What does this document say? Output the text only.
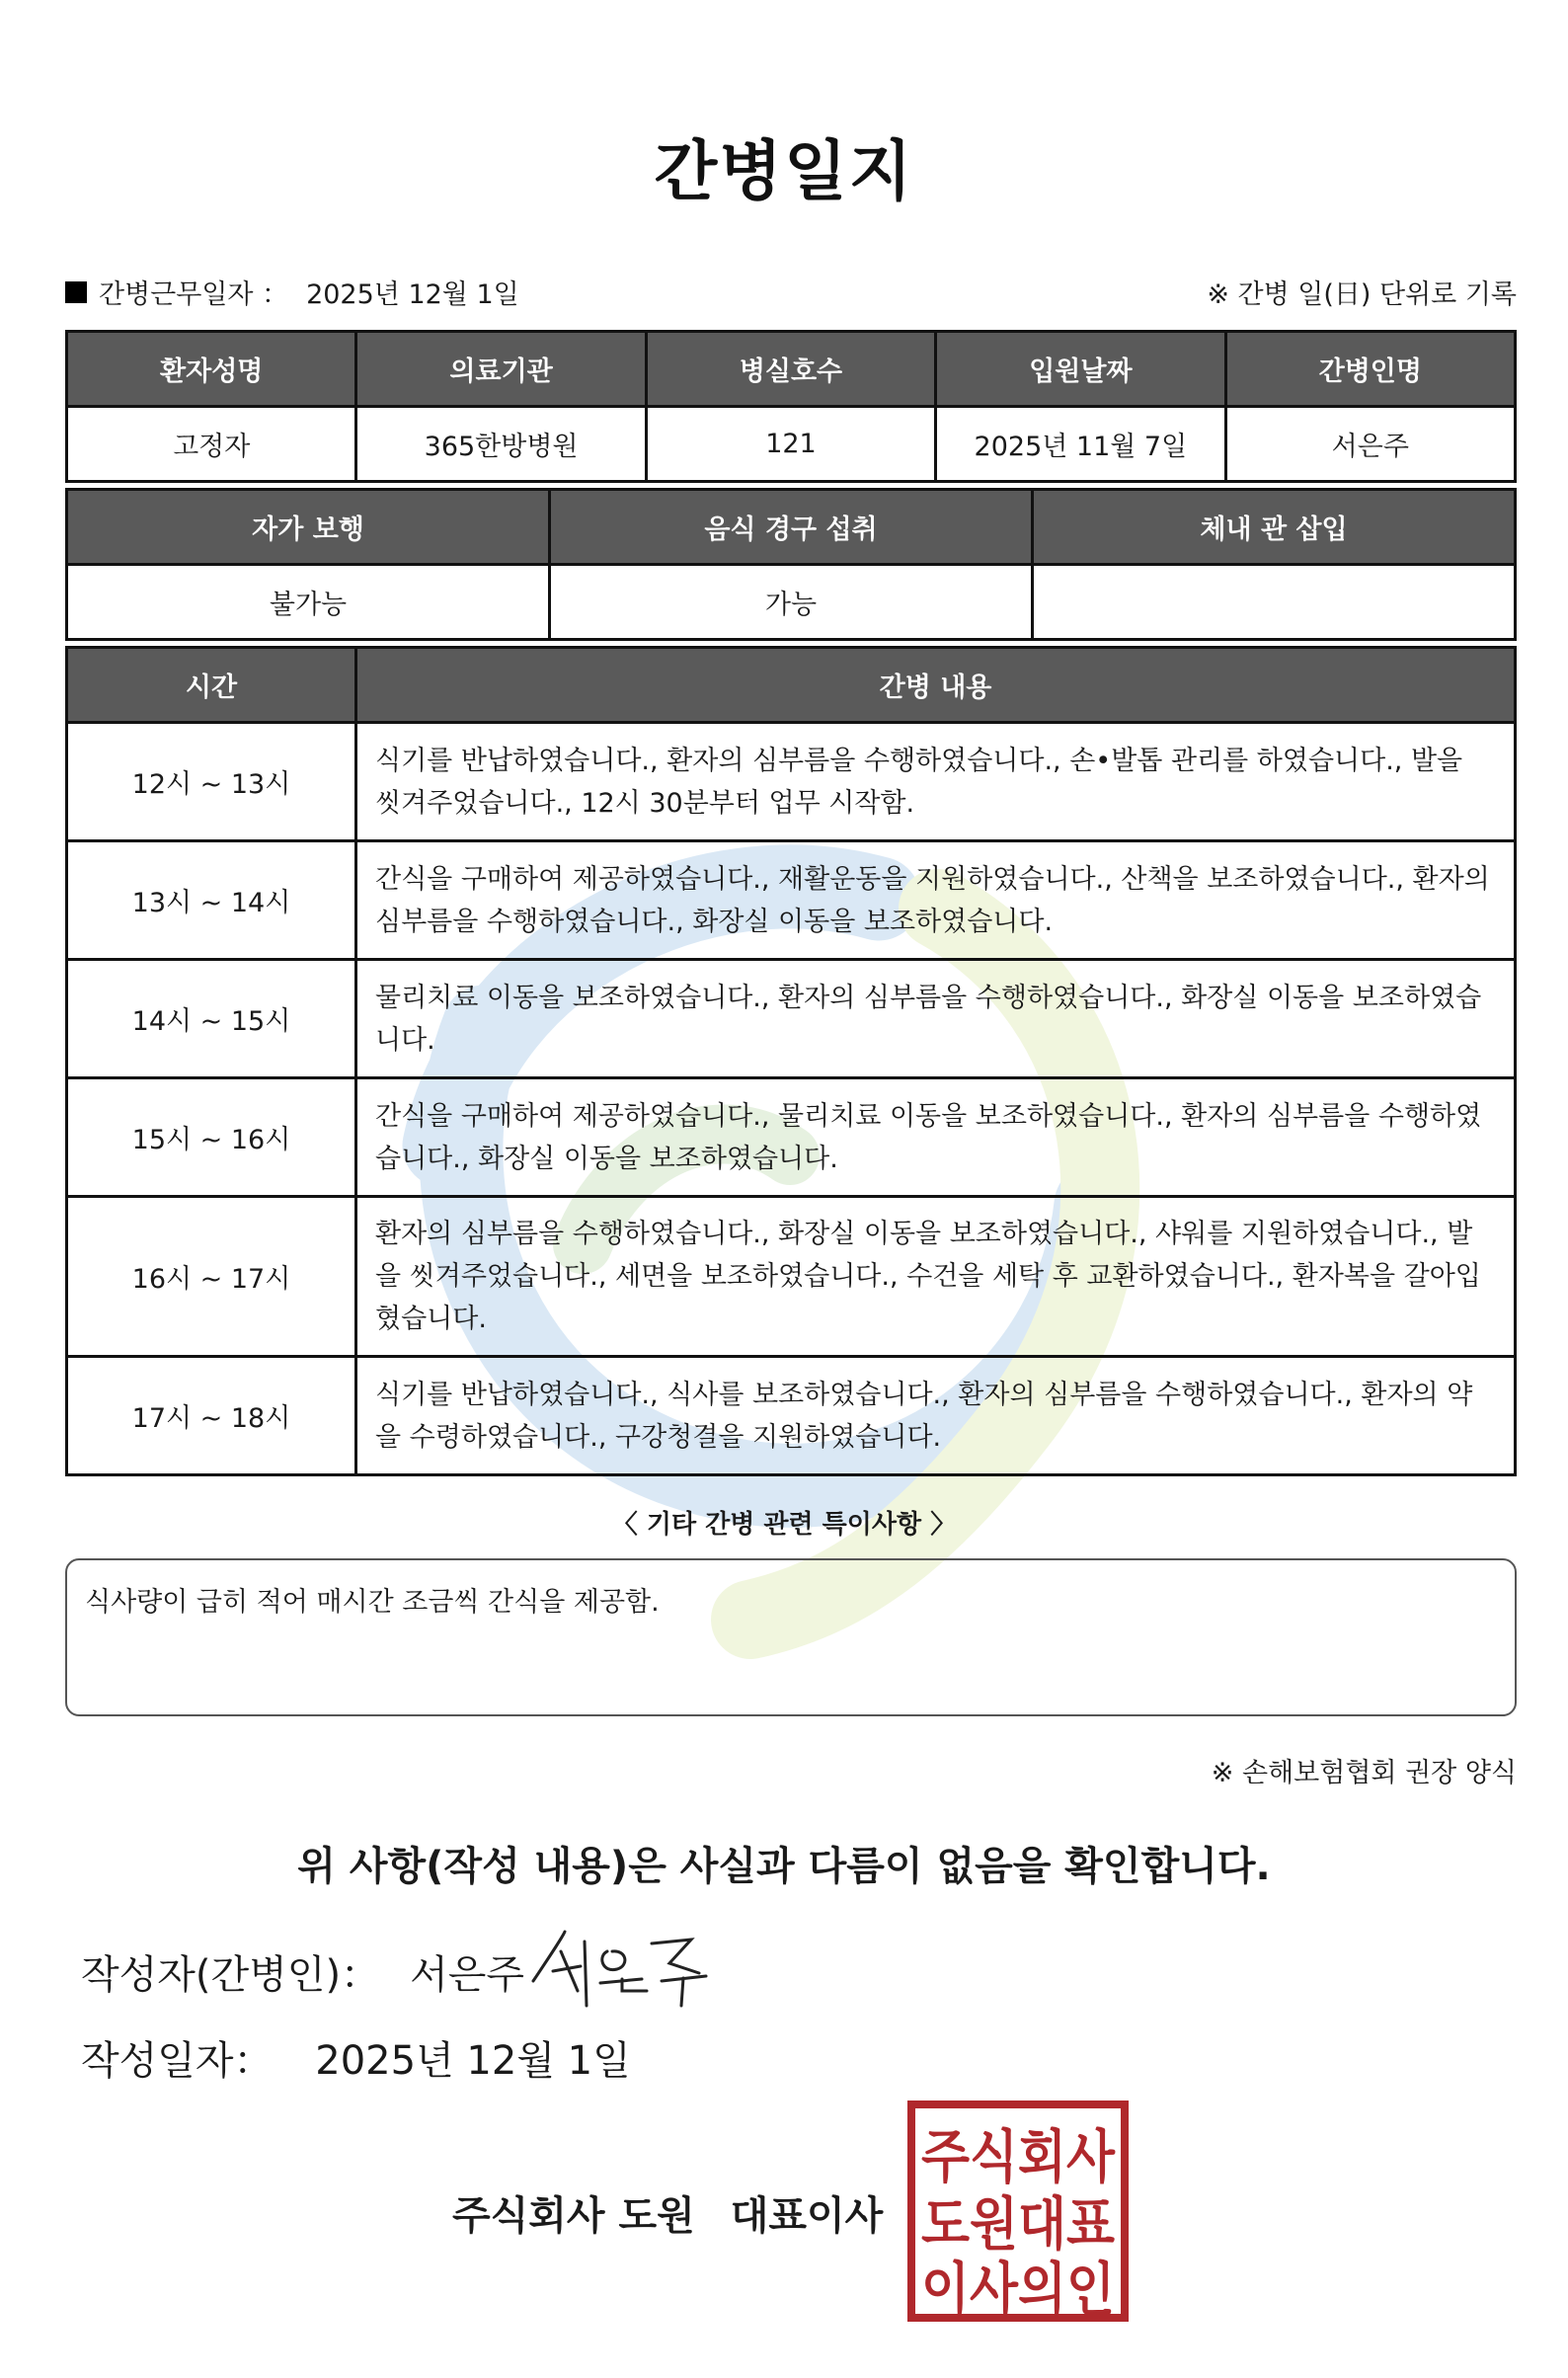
간병일지
간병근무일자 ： 2025년 12월 1일	※ 간병 일(日) 단위로 기록
환자성명	의료기관	병실호수	입원날짜	간병인명
고정자	365한방병원	121	2025년 11월 7일	서은주
자가 보행	음식 경구 섭취	체내 관 삽입
불가능	가능	
시간	간병 내용
12시 ~ 13시	식기를 반납하였습니다., 환자의 심부름을 수행하였습니다., 손•발톱 관리를 하였습니다., 발을 씻겨주었습니다., 12시 30분부터 업무 시작함.
13시 ~ 14시	간식을 구매하여 제공하였습니다., 재활운동을 지원하였습니다., 산책을 보조하였습니다., 환자의 심부름을 수행하였습니다., 화장실 이동을 보조하였습니다.
14시 ~ 15시	물리치료 이동을 보조하였습니다., 환자의 심부름을 수행하였습니다., 화장실 이동을 보조하였습니다.
15시 ~ 16시	간식을 구매하여 제공하였습니다., 물리치료 이동을 보조하였습니다., 환자의 심부름을 수행하였습니다., 화장실 이동을 보조하였습니다.
16시 ~ 17시	환자의 심부름을 수행하였습니다., 화장실 이동을 보조하였습니다., 샤워를 지원하였습니다., 발을 씻겨주었습니다., 세면을 보조하였습니다., 수건을 세탁 후 교환하였습니다., 환자복을 갈아입혔습니다.
17시 ~ 18시	식기를 반납하였습니다., 식사를 보조하였습니다., 환자의 심부름을 수행하였습니다., 환자의 약을 수령하였습니다., 구강청결을 지원하였습니다.
〈 기타 간병 관련 특이사항 〉
식사량이 급히 적어 매시간 조금씩 간식을 제공함.
※ 손해보험협회 권장 양식
위 사항(작성 내용)은 사실과 다름이 없음을 확인합니다.
작성자(간병인)： 서은주
작성일자： 2025년 12월 1일
주식회사 도원 대표이사
주식회사
도원대표
이사의인
